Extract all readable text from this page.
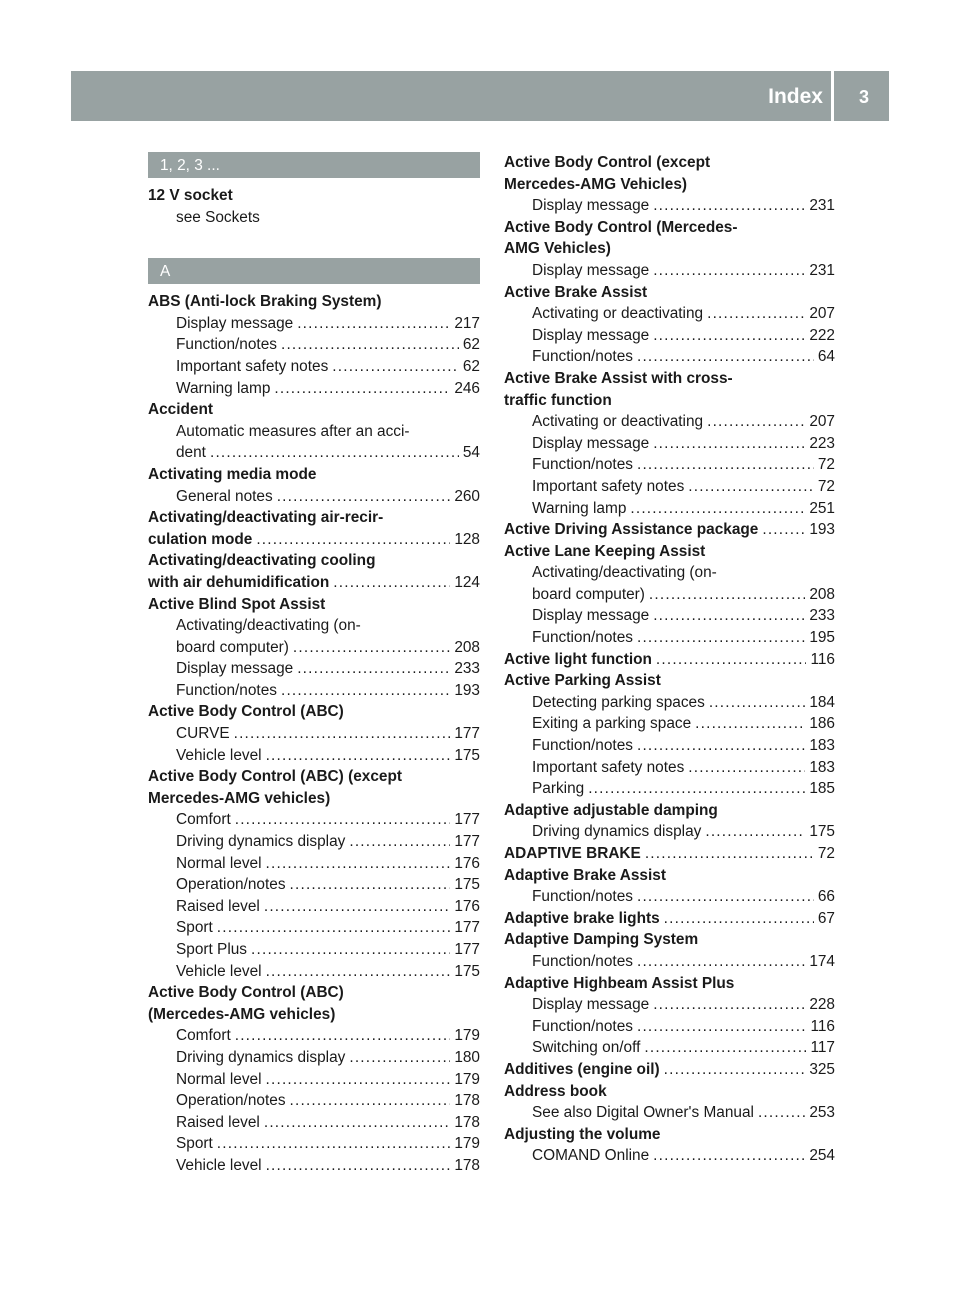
Index 3
1, 2, 3 ...
12 V socket
see Sockets
A
ABS (Anti-lock Braking System)
Display message .....	217
Function/notes .....	62
Important safety notes .....	62
Warning lamp .....	246
Accident
Automatic measures after an acci-
dent .....	54
Activating media mode
General notes .....	260
Activating/deactivating air-recir-
culation mode .....	128
Activating/deactivating cooling
with air dehumidification .....	124
Active Blind Spot Assist
Activating/deactivating (on-
board computer) .....	208
Display message .....	233
Function/notes .....	193
Active Body Control (ABC)
CURVE .....	177
Vehicle level .....	175
Active Body Control (ABC) (except
Mercedes-AMG vehicles)
Comfort .....	177
Driving dynamics display .....	177
Normal level .....	176
Operation/notes .....	175
Raised level .....	176
Sport .....	177
Sport Plus .....	177
Vehicle level .....	175
Active Body Control (ABC)
(Mercedes-AMG vehicles)
Comfort .....	179
Driving dynamics display .....	180
Normal level .....	179
Operation/notes .....	178
Raised level .....	178
Sport .....	179
Vehicle level .....	178
Active Body Control (except
Mercedes-AMG Vehicles)
Display message .....	231
Active Body Control (Mercedes-
AMG Vehicles)
Display message .....	231
Active Brake Assist
Activating or deactivating .....	207
Display message .....	222
Function/notes .....	64
Active Brake Assist with cross-
traffic function
Activating or deactivating .....	207
Display message .....	223
Function/notes .....	72
Important safety notes .....	72
Warning lamp .....	251
Active Driving Assistance package .....	193
Active Lane Keeping Assist
Activating/deactivating (on-
board computer) .....	208
Display message .....	233
Function/notes .....	195
Active light function .....	116
Active Parking Assist
Detecting parking spaces .....	184
Exiting a parking space .....	186
Function/notes .....	183
Important safety notes .....	183
Parking .....	185
Adaptive adjustable damping
Driving dynamics display .....	175
ADAPTIVE BRAKE .....	72
Adaptive Brake Assist
Function/notes .....	66
Adaptive brake lights .....	67
Adaptive Damping System
Function/notes .....	174
Adaptive Highbeam Assist Plus
Display message .....	228
Function/notes .....	116
Switching on/off .....	117
Additives (engine oil) .....	325
Address book
See also Digital Owner's Manual .....	253
Adjusting the volume
COMAND Online .....	254
